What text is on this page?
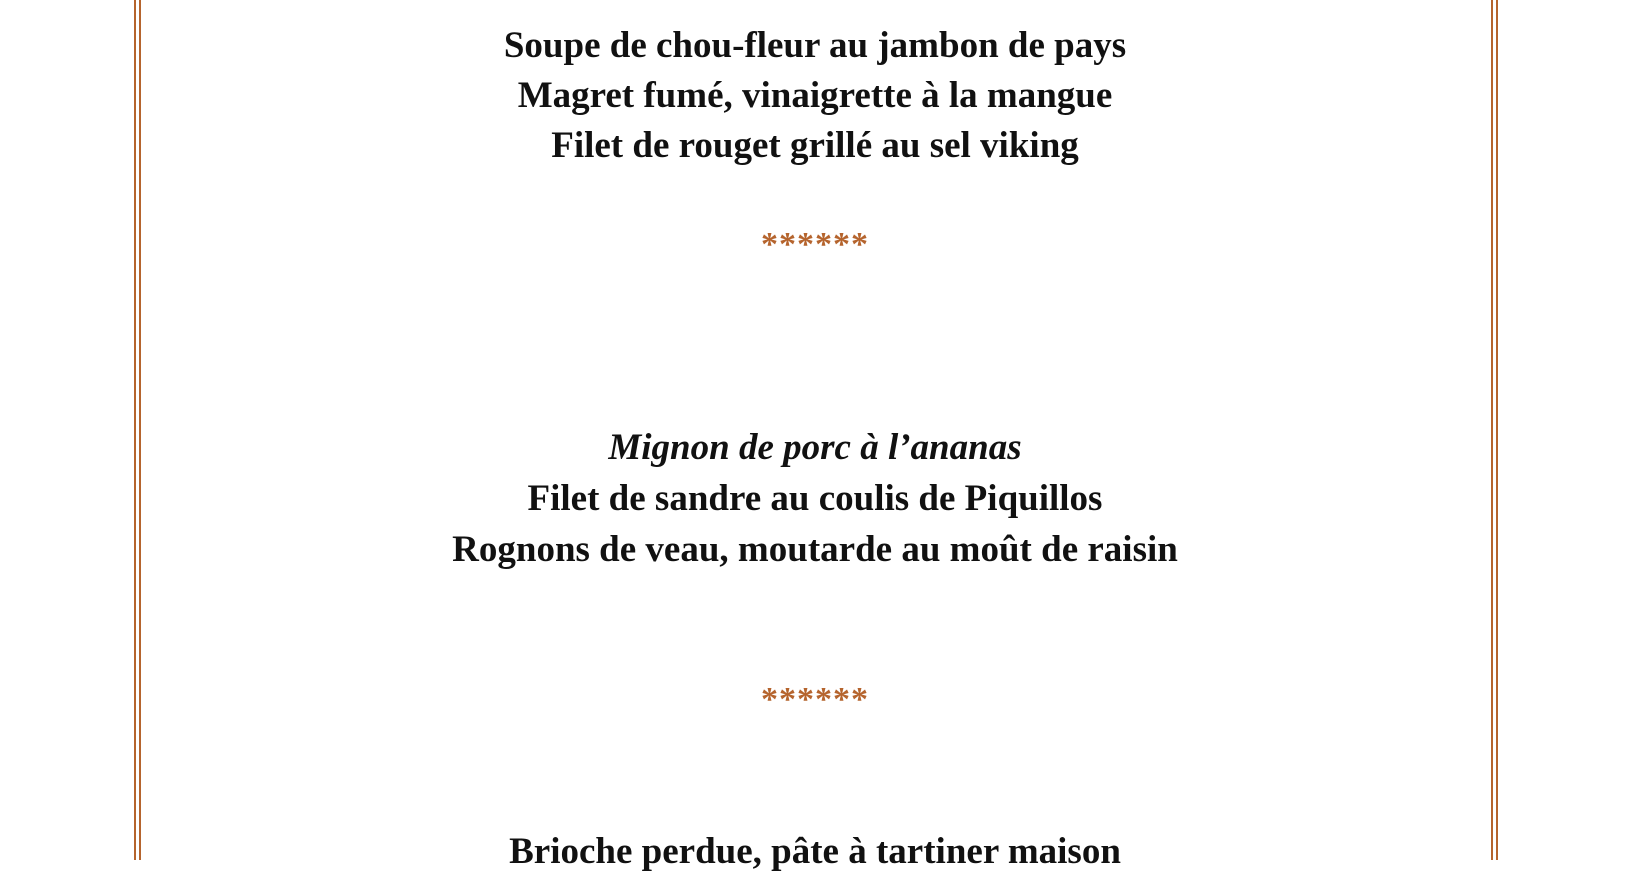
Soupe de chou-fleur au jambon de pays
Magret fumé, vinaigrette à la mangue
Filet de rouget grillé au sel viking
******
Mignon de porc à l’ananas
Filet de sandre au coulis de Piquillos
Rognons de veau, moutarde au moût de raisin
******
Brioche perdue, pâte à tartiner maison
